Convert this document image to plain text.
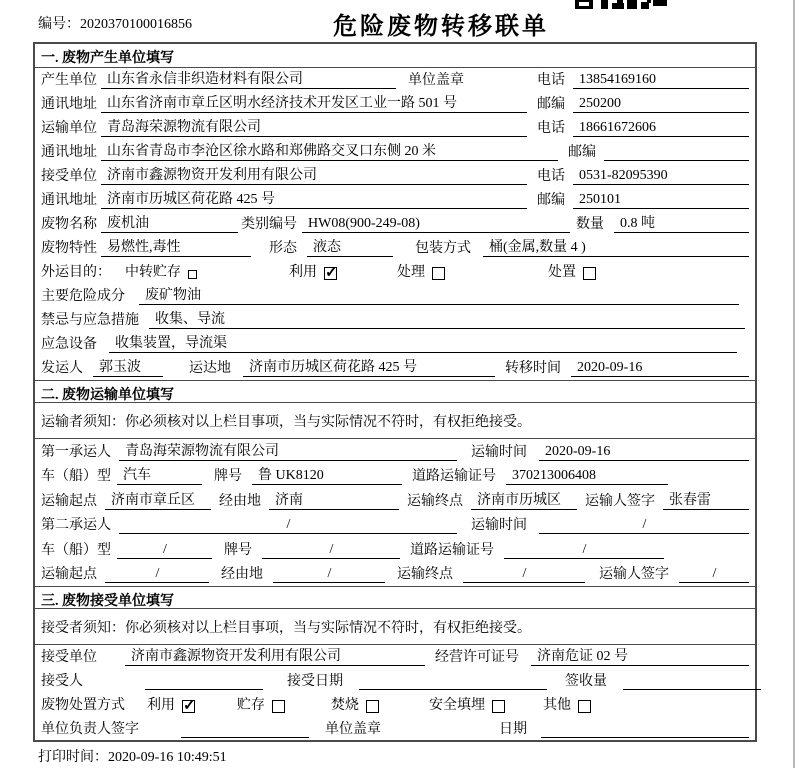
编号：2020370100016856	危险废物转移联单
一. 废物产生单位填写
产生单位 山东省永信非织造材料有限公司	单位盖章	电话	13854169160
通讯地址 山东省济南市章丘区明水经济技术开发区工业一路 501 号	邮编	250200
运输单位 青岛海荣源物流有限公司	电话	18661672606
通讯地址 山东省青岛市李沧区徐水路和郑佛路交叉口东侧 20 米	邮编
接受单位 济南市鑫源物资开发利用有限公司	电话	0531-82095390
通讯地址 济南市历城区荷花路 425 号	邮编	250101
废物名称 废机油	类别编号 HW08(900-249-08)	数量	0.8 吨
废物特性 易燃性,毒性	形态	液态	包装方式	桶(金属,数量 4 )
外运目的： 中转贮存	利用 ✓	处理	处置
主要危险成分	废矿物油
禁忌与应急措施	收集、导流
应急设备	收集装置，导流渠
发运人	郭玉波	运达地	济南市历城区荷花路 425 号	转移时间	2020-09-16
二. 废物运输单位填写
运输者须知：你必须核对以上栏目事项，当与实际情况不符时，有权拒绝接受。
第一承运人	青岛海荣源物流有限公司	运输时间	2020-09-16
车（船）型 汽车	牌号	鲁 UK8120	道路运输证号	370213006408
运输起点	济南市章丘区	经由地	济南	运输终点	济南市历城区	运输人签字	张春雷
第二承运人	/	运输时间	/
车（船）型	/	牌号	/	道路运输证号	/
运输起点	/	经由地	/	运输终点	/	运输人签字	/
三. 废物接受单位填写
接受者须知：你必须核对以上栏目事项，当与实际情况不符时，有权拒绝接受。
接受单位	济南市鑫源物资开发利用有限公司	经营许可证号	济南危证 02 号
接受人	接受日期	签收量
废物处置方式 利用 ✓	贮存	焚烧	安全填埋	其他
单位负责人签字	单位盖章	日期
打印时间：2020-09-16 10:49:51
